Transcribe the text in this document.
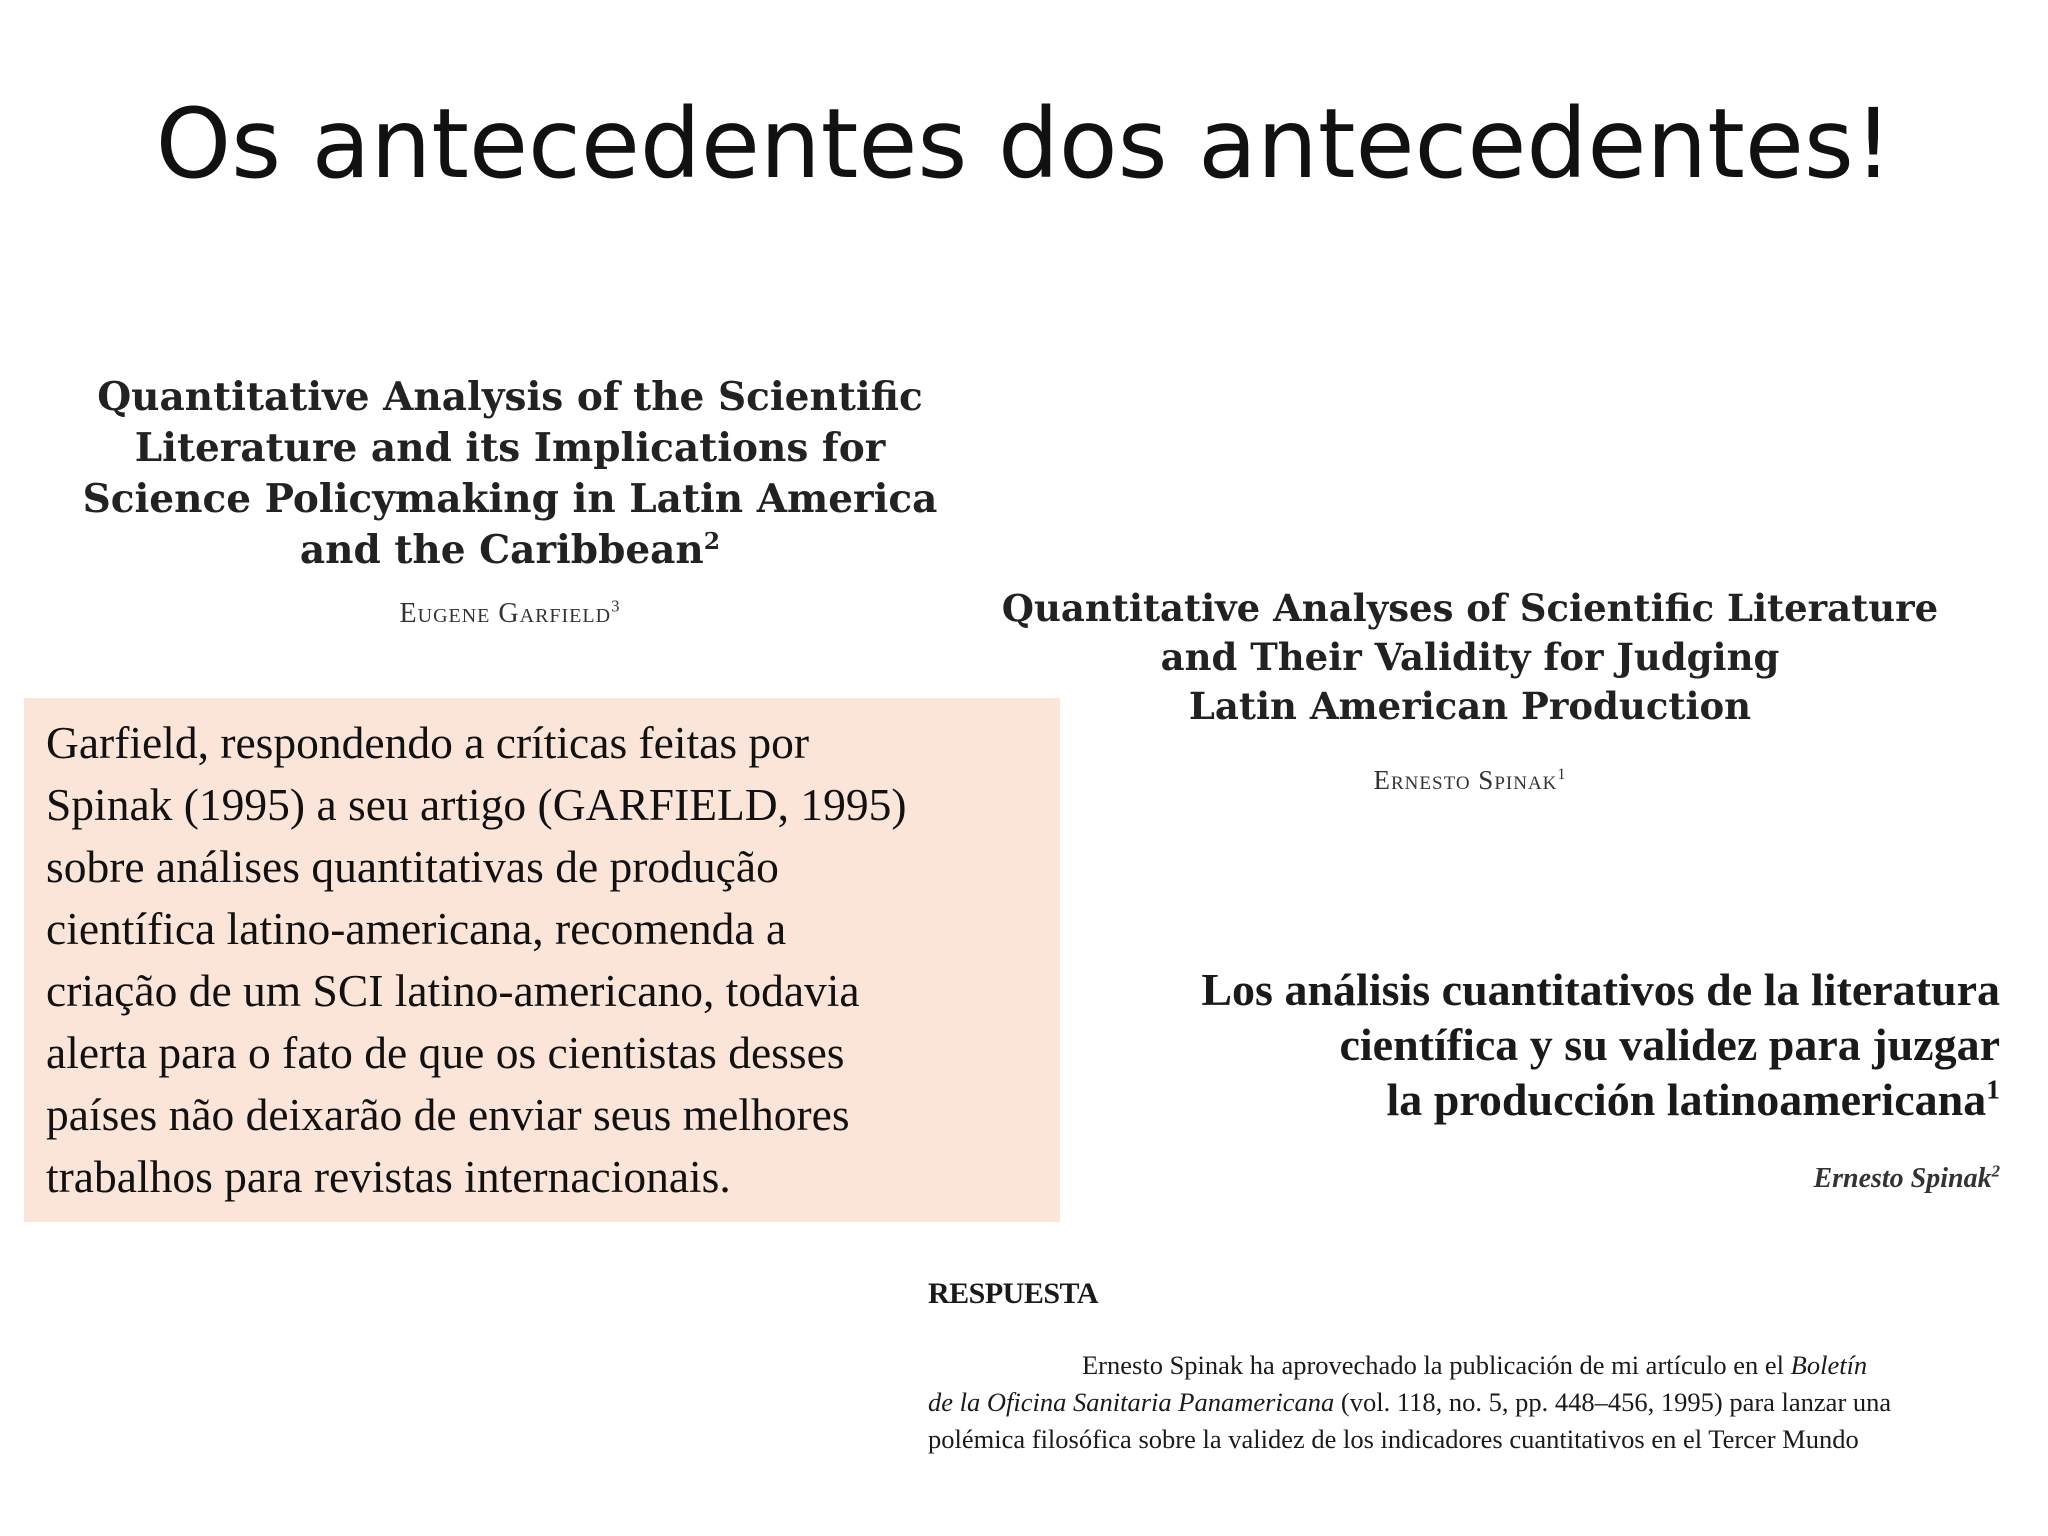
Os antecedentes dos antecedentes!

Quantitative Analysis of the Scientific
Literature and its Implications for
Science Policymaking in Latin America
and the Caribbean$^2$

Eugene Garfield$^3$	Quantitative Analyses of Scientific Literature
and Their Validity for Judging
Latin American Production

Ernesto Spinak$^1$

Garfield, respondendo a críticas feitas por
Spinak (1995) a seu artigo (GARFIELD, 1995)
sobre análises quantitativas de produção
científica latino-americana, recomenda a
criação de um SCI latino-americano, todavia
alerta para o fato de que os cientistas desses
países não deixarão de enviar seus melhores
trabalhos para revistas internacionais.

Los análisis cuantitativos de la literatura
científica y su validez para juzgar
la producción latinoamericana$^1$

Ernesto Spinak$^2$

RESPUESTA

Ernesto Spinak ha aprovechado la publicación de mi artículo en el Boletín
de la Oficina Sanitaria Panamericana (vol. 118, no. 5, pp. 448–456, 1995) para lanzar una
polémica filosófica sobre la validez de los indicadores cuantitativos en el Tercer Mundo
